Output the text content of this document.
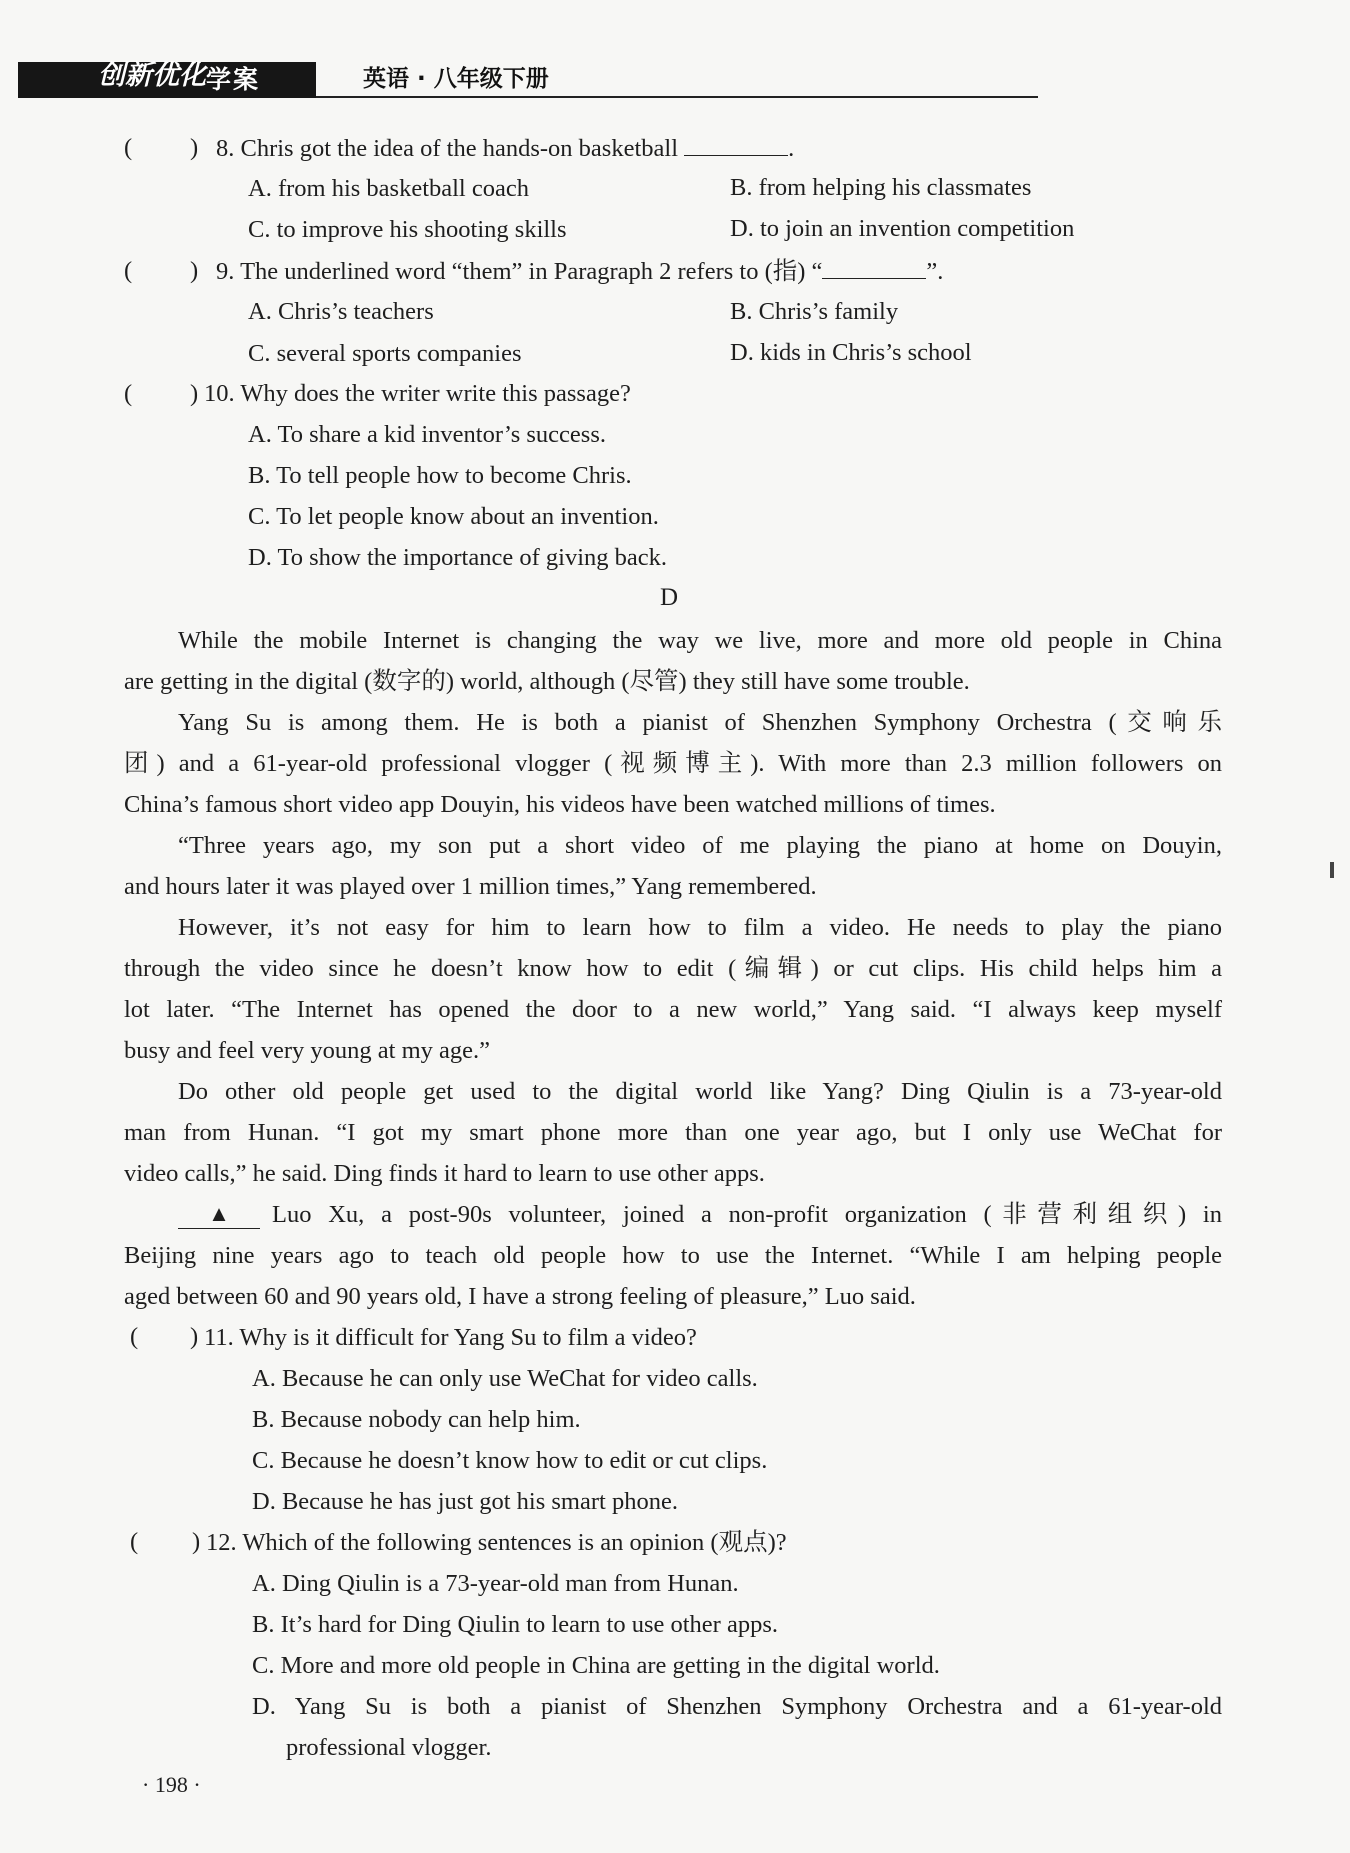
学案
创新优化	英语 · 八年级下册
( ) 8. Chris got the idea of the hands-on basketball	.
A. from his basketball coach	B. from helping his classmates
C. to improve his shooting skills	D. to join an invention competition
( ) 9. The underlined word “them” in Paragraph 2 refers to (指) “	”.
A. Chris’s teachers	B. Chris’s family
C. several sports companies	D. kids in Chris’s school
( ) 10. Why does the writer write this passage?
A. To share a kid inventor’s success.
B. To tell people how to become Chris.
C. To let people know about an invention.
D. To show the importance of giving back.
D
While the mobile Internet is changing the way we live, more and more old people in China
are getting in the digital (数字的) world, although (尽管) they still have some trouble.
Yang Su is among them. He is both a pianist of Shenzhen Symphony Orchestra (交响乐
团) and a 61-year-old professional vlogger (视频博主). With more than 2.3 million followers on
China’s famous short video app Douyin, his videos have been watched millions of times.
“Three years ago, my son put a short video of me playing the piano at home on Douyin,
and hours later it was played over 1 million times,” Yang remembered.
However, it’s not easy for him to learn how to film a video. He needs to play the piano
through the video since he doesn’t know how to edit (编辑) or cut clips. His child helps him a
lot later. “The Internet has opened the door to a new world,” Yang said. “I always keep myself
busy and feel very young at my age.”
Do other old people get used to the digital world like Yang? Ding Qiulin is a 73-year-old
man from Hunan. “I got my smart phone more than one year ago, but I only use WeChat for
video calls,” he said. Ding finds it hard to learn to use other apps.
▲	Luo Xu, a post-90s volunteer, joined a non-profit organization (非营利组织) in
Beijing nine years ago to teach old people how to use the Internet. “While I am helping people
aged between 60 and 90 years old, I have a strong feeling of pleasure,” Luo said.
( ) 11. Why is it difficult for Yang Su to film a video?
A. Because he can only use WeChat for video calls.
B. Because nobody can help him.
C. Because he doesn’t know how to edit or cut clips.
D. Because he has just got his smart phone.
( ) 12. Which of the following sentences is an opinion (观点)?
A. Ding Qiulin is a 73-year-old man from Hunan.
B. It’s hard for Ding Qiulin to learn to use other apps.
C. More and more old people in China are getting in the digital world.
D. Yang Su is both a pianist of Shenzhen Symphony Orchestra and a 61-year-old
professional vlogger.
· 198 ·
